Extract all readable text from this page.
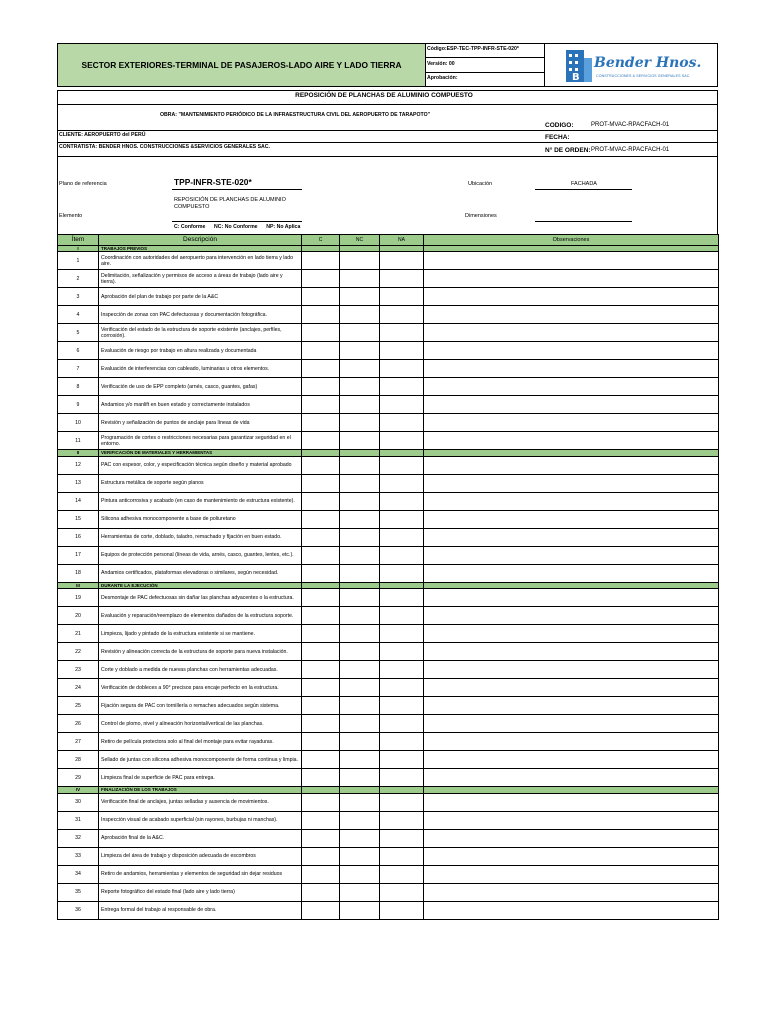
SECTOR EXTERIORES-TERMINAL DE PASAJEROS-LADO AIRE Y LADO TIERRA
Código:ESP-TEC-TPP-INFR-STE-020*
Versión: 00
Aprobación:	B
Bender Hnos.
CONSTRUCCIONES & SERVICIOS GENERALES SAC.
REPOSICIÓN DE PLANCHAS DE ALUMINIO COMPUESTO
OBRA: "MANTENIMIENTO PERIÓDICO DE LA INFRAESTRUCTURA CIVIL DEL AEROPUERTO DE TARAPOTO"
CODIGO:	PROT-MVAC-RPACFACH-01
CLIENTE: AEROPUERTO del PERÚ	FECHA:
CONTRATISTA: BENDER HNOS. CONSTRUCCIONES &SERVICIOS GENERALES SAC.	N° DE ORDEN: PROT-MVAC-RPACFACH-01
Plano de referencia	TPP-INFR-STE-020*	Ubicación	FACHADA
REPOSICIÓN DE PLANCHAS DE ALUMINIO
COMPUESTO
Elemento	Dimensiones
C: Conforme      NC: No Conforme      NP: No Aplica
Ítem	Descripción	C	NC	NA	Observaciones
I	TRABAJOS PREVIOS				
1	Coordinación con autoridades del aeropuerto para intervención en lado tierra y lado aire.				
2	Delimitación, señalización y permisos de acceso a áreas de trabajo (lado aire y tierra).				
3	Aprobación del plan de trabajo por parte de la A&C				
4	Inspección de zonas con PAC defectuosas y documentación fotográfica.				
5	Verificación del estado de la estructura de soporte existente (anclajes, perfiles, corrosión).				
6	Evaluación de riesgo por trabajo en altura realizada y documentada				
7	Evaluación de interferencias con cableado, luminarias u otros elementos.				
8	Verificación de uso de EPP completo (arnés, casco, guantes, gafas)				
9	Andamios y/o manlift en buen estado y correctamente instalados				
10	Revisión y señalización de puntos de anclaje para líneas de vida				
11	Programación de cortes o restricciones necesarias para garantizar seguridad en el entorno.				
II	VERIFICACIÓN DE MATERIALES Y HERRAMIENTAS				
12	PAC con espesor, color, y especificación técnica según diseño y material aprobado				
13	Estructura metálica de soporte según planos				
14	Pintura anticorrosiva y acabado (en caso de mantenimiento de estructura existente).				
15	Silicona adhesiva monocomponente a base de poliuretano				
16	Herramientas de corte, doblado, taladro, remachado y fijación en buen estado.				
17	Equipos de protección personal (líneas de vida, arnés, casco, guantes, lentes, etc.).				
18	Andamios certificados, plataformas elevadoras o similares, según necesidad.				
III	DURANTE LA EJECUCIÓN				
19	Desmontaje de PAC defectuosas sin dañar las planchas adyacentes o la estructura.				
20	Evaluación y reparación/reemplazo de elementos dañados de la estructura soporte.				
21	Limpieza, lijado y pintado de la estructura existente si se mantiene.				
22	Revisión y alineación correcta de la estructura de soporte para nueva instalación.				
23	Corte y doblado a medida de nuevas planchas con herramientas adecuadas.				
24	Verificación de dobleces a 90° precisos para encaje perfecto en la estructura.				
25	Fijación segura de PAC con tornillería o remaches adecuados según sistema.				
26	Control de plomo, nivel y alineación horizontal/vertical de las planchas.				
27	Retiro de película protectora solo al final del montaje para evitar rayaduras.				
28	Sellado de juntas con silicona adhesiva monocomponente de forma continua y limpia.				
29	Limpieza final de superficie de PAC para entrega.				
IV	FINALIZACIÓN DE LOS TRABAJOS				
30	Verificación final de anclajes, juntas selladas y ausencia de movimientos.				
31	Inspección visual de acabado superficial (sin rayones, burbujas ni manchas).				
32	Aprobación final de la A&C.				
33	Limpieza del área de trabajo y disposición adecuada de escombros				
34	Retiro de andamios, herramientas y elementos de seguridad sin dejar residuos				
35	Reporte fotográfico del estado final (lado aire y lado tierra)				
36	Entrega formal del trabajo al responsable de obra.				
